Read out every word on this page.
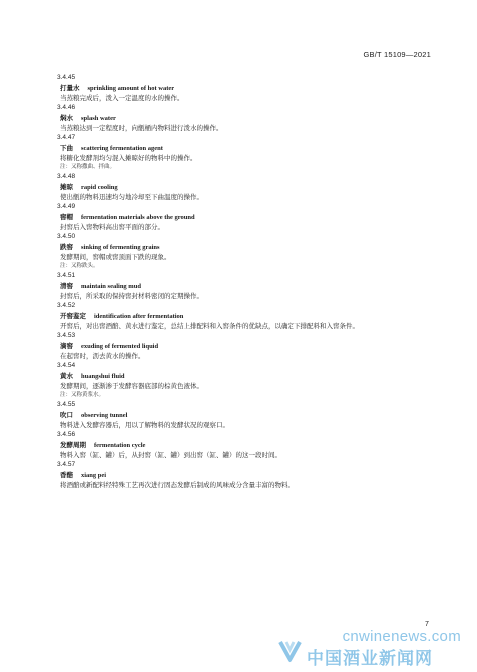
GB/T 15109—2021
3.4.45
打量水 sprinkling amount of hot water
当蒸粮完成后，泼入一定温度的水的操作。
3.4.46
焖水 splash water
当蒸粮达到一定程度时，向甑桶内物料进行泼水的操作。
3.4.47
下曲 scattering fermentation agent
将糖化发酵剂均匀混入摊晾好的物料中的操作。
注：又称撒曲、拌曲。
3.4.48
摊晾 rapid cooling
使出甑的物料迅速均匀地冷却至下曲温度的操作。
3.4.49
窖帽 fermentation materials above the ground
封窖后入窖物料高出窖平面的部分。
3.4.50
跌窖 sinking of fermenting grains
发酵期间，窖帽或窖顶面下跌的现象。
注：又称跌头。
3.4.51
清窖 maintain sealing mud
封窖后，所采取的保持窖封材料密闭的定期操作。
3.4.52
开窖鉴定 identification after fermentation
开窖后，对出窖酒醅、黄水进行鉴定，总结上排配料和入窖条件的优缺点，以确定下排配料和入窖条件。
3.4.53
滴窖 exuding of fermented liquid
在起窖时，沥去黄水的操作。
3.4.54
黄水 huangshui fluid
发酵期间，逐渐渗于发酵容器底部的棕黄色液体。
注：又称黄浆水。
3.4.55
吹口 observing tunnel
物料进入发酵容器后，用以了解物料的发酵状况的观察口。
3.4.56
发酵周期 fermentation cycle
物料入窖（缸、罐）后，从封窖（缸、罐）到出窖（缸、罐）的这一段时间。
3.4.57
香醅 xiang pei
将酒醅或新配料经特殊工艺再次进行固态发酵后制成的风味成分含量丰富的物料。
7
cnwinenews.com
中国酒业新闻网
